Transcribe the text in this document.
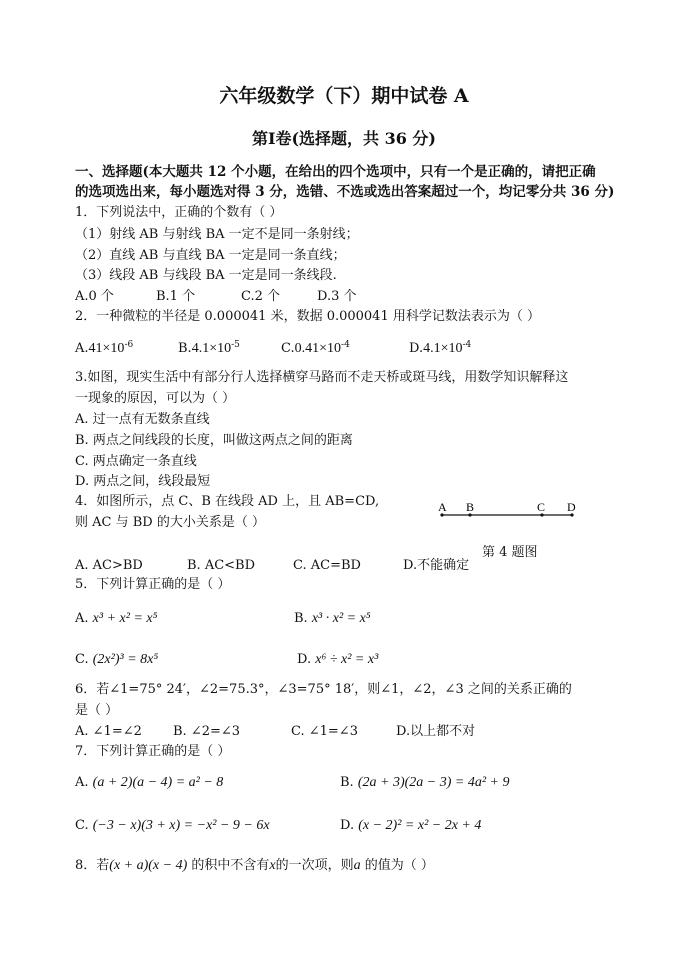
六年级数学（下）期中试卷 A
第Ⅰ卷(选择题，共 36 分)
一、选择题(本大题共 12 个小题，在给出的四个选项中，只有一个是正确的，请把正确
的选项选出来，每小题选对得 3 分，选错、不选或选出答案超过一个，均记零分共 36 分)
1．下列说法中，正确的个数有（ ）
（1）射线 AB 与射线 BA 一定不是同一条射线；
（2）直线 AB 与直线 BA 一定是同一条直线；
（3）线段 AB 与线段 BA 一定是同一条线段.
A.0 个	B.1 个	C.2 个	D.3 个
2．一种微粒的半径是 0.000041 米，数据 0.000041 用科学记数法表示为（ ）
$A.41\times 10^{-6}$	$B.4.1\times 10^{-5}$	$C.0.41\times 10^{-4}$	$D.4.1\times 10^{-4}$
3.如图，现实生活中有部分行人选择横穿马路而不走天桥或斑马线，用数学知识解释这
一现象的原因，可以为（ ）
A. 过一点有无数条直线
B. 两点之间线段的长度，叫做这两点之间的距离
C. 两点确定一条直线
D. 两点之间，线段最短
4．如图所示，点 C、B 在线段 AD 上，且 AB=CD,
则 AC 与 BD 的大小关系是（ ）
A B	C D
第 4 题图
A. AC>BD	B. AC<BD	C. AC=BD	D.不能确定
5．下列计算正确的是（ ）
A. x³ + x² = x⁵	B. x³ · x² = x⁵
C. (2x²)³ = 8x⁵	D. x⁶ ÷ x² = x³
6．若∠1=75° 24′，∠2=75.3°，∠3=75° 18′，则∠1，∠2，∠3 之间的关系正确的
是（ ）
A. ∠1=∠2 B. ∠2=∠3	C. ∠1=∠3	D.以上都不对
7．下列计算正确的是（ ）
A. (a + 2)(a − 4) = a² − 8	B. (2a + 3)(2a − 3) = 4a² + 9
C. (−3 − x)(3 + x) = −x² − 9 − 6x	D. (x − 2)² = x² − 2x + 4
8．若(x + a)(x − 4) 的积中不含有x的一次项，则a 的值为（ ）
